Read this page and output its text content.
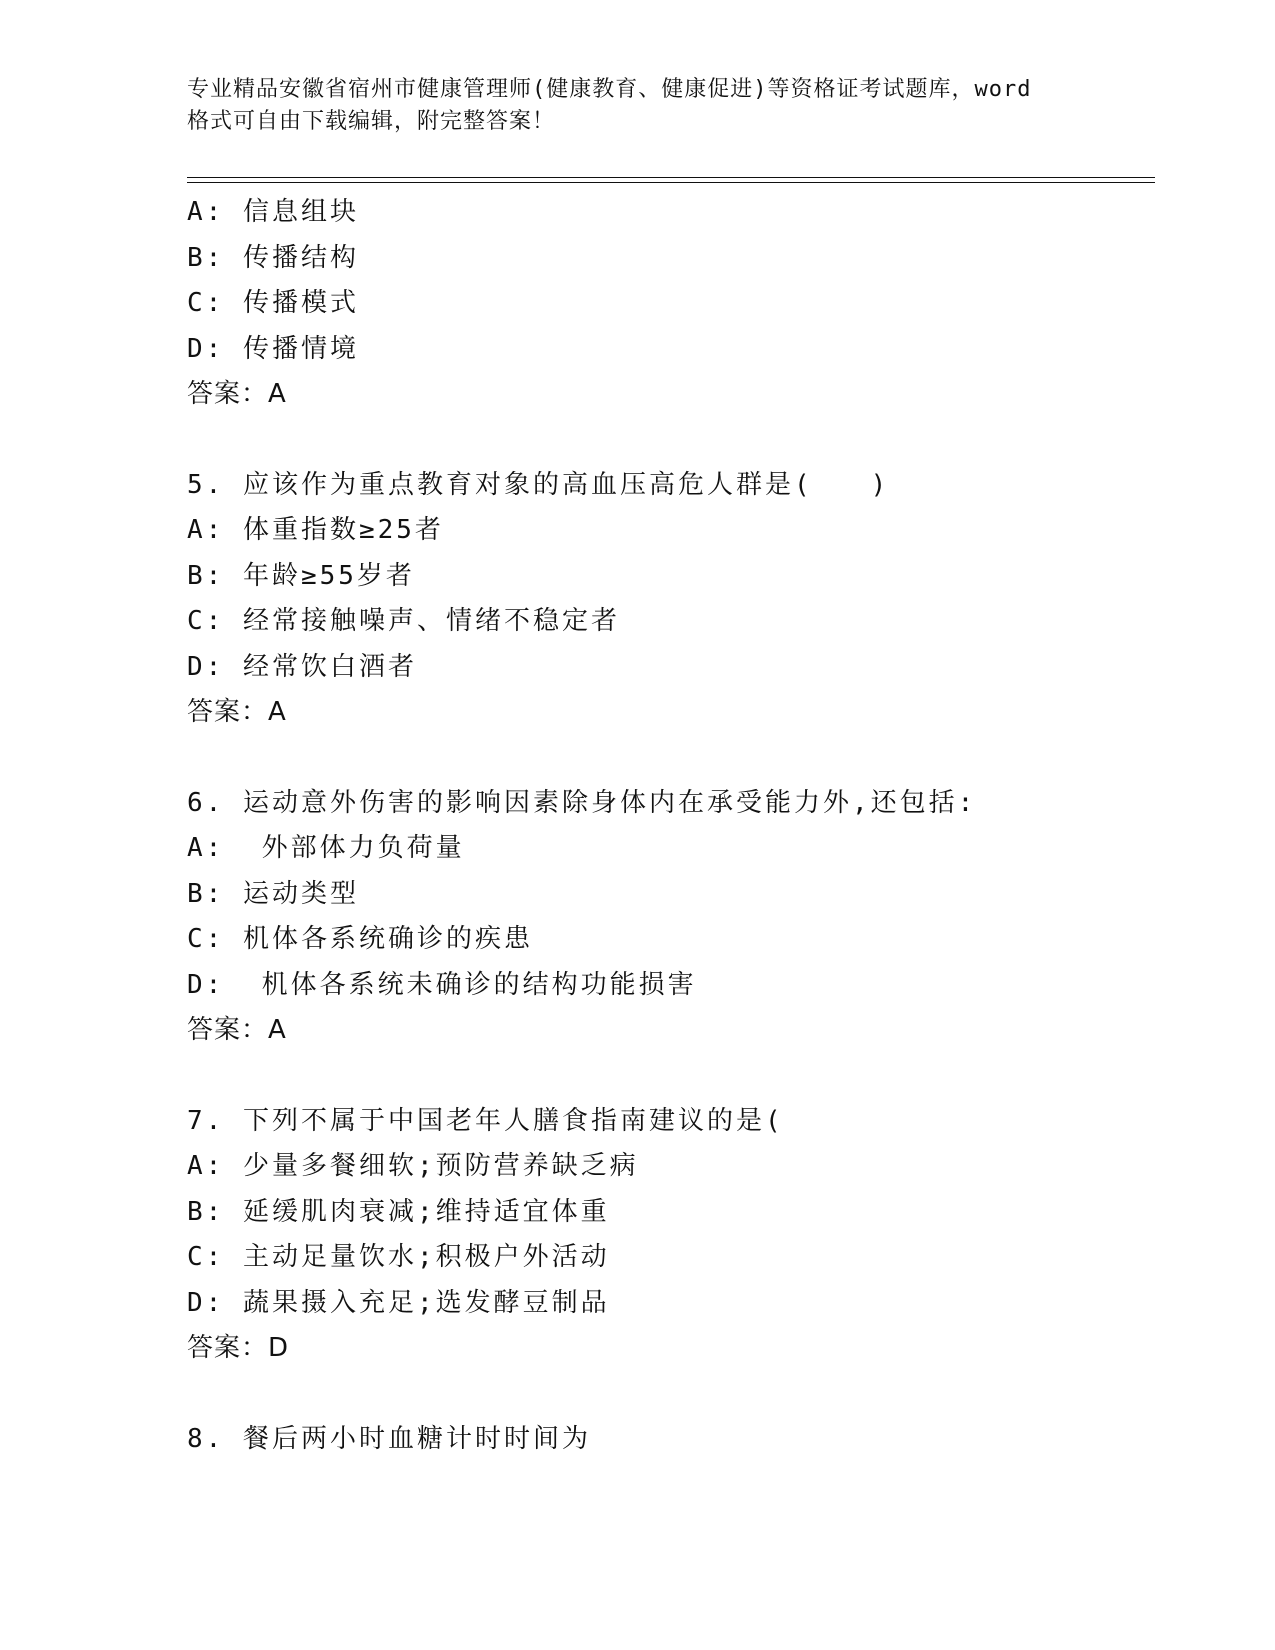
专业精品安徽省宿州市健康管理师(健康教育、健康促进)等资格证考试题库，word
格式可自由下载编辑，附完整答案！
A: 信息组块
B: 传播结构
C: 传播模式
D: 传播情境
答案：A
5. 应该作为重点教育对象的高血压高危人群是(　　)
A: 体重指数≥25者
B: 年龄≥55岁者
C: 经常接触噪声、情绪不稳定者
D: 经常饮白酒者
答案：A
6. 运动意外伤害的影响因素除身体内在承受能力外,还包括:
A:  外部体力负荷量
B: 运动类型
C: 机体各系统确诊的疾患
D:  机体各系统未确诊的结构功能损害
答案：A
7. 下列不属于中国老年人膳食指南建议的是(
A: 少量多餐细软;预防营养缺乏病
B: 延缓肌肉衰减;维持适宜体重
C: 主动足量饮水;积极户外活动
D: 蔬果摄入充足;选发酵豆制品
答案：D
8. 餐后两小时血糖计时时间为
